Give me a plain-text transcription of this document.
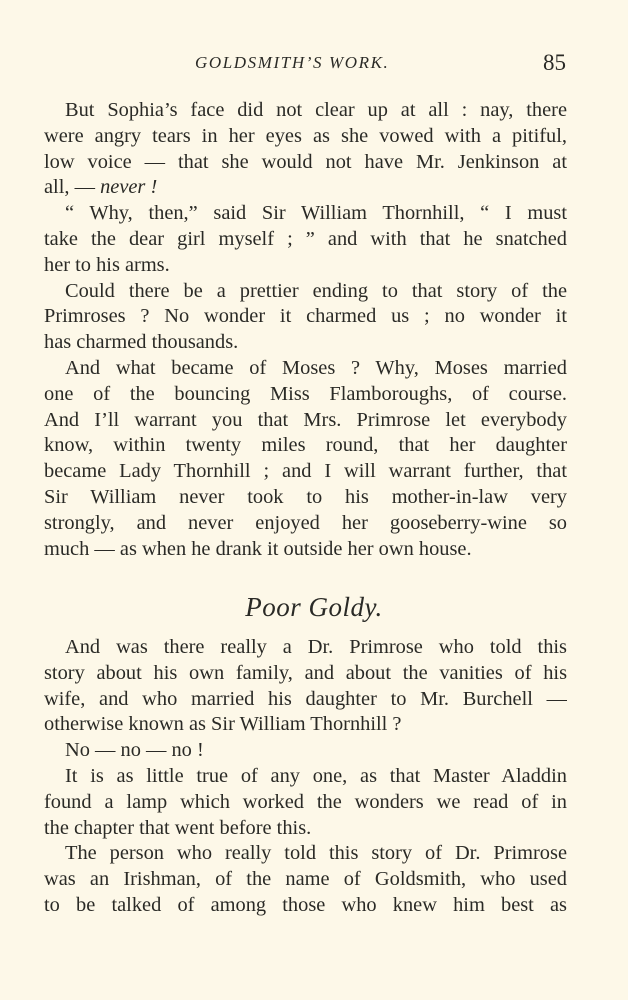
GOLDSMITH’S WORK.	85
But Sophia’s face did not clear up at all : nay, there
were angry tears in her eyes as she vowed with a pitiful,
low voice — that she would not have Mr. Jenkinson at
all, — never !
“ Why, then,” said Sir William Thornhill, “ I must
take the dear girl myself ; ” and with that he snatched
her to his arms.
Could there be a prettier ending to that story of the
Primroses ? No wonder it charmed us ; no wonder it
has charmed thousands.
And what became of Moses ? Why, Moses married
one of the bouncing Miss Flamboroughs, of course.
And I’ll warrant you that Mrs. Primrose let everybody
know, within twenty miles round, that her daughter
became Lady Thornhill ; and I will warrant further, that
Sir William never took to his mother-in-law very
strongly, and never enjoyed her gooseberry-wine so
much — as when he drank it outside her own house.
Poor Goldy.
And was there really a Dr. Primrose who told this
story about his own family, and about the vanities of his
wife, and who married his daughter to Mr. Burchell —
otherwise known as Sir William Thornhill ?
No — no — no !
It is as little true of any one, as that Master Aladdin
found a lamp which worked the wonders we read of in
the chapter that went before this.
The person who really told this story of Dr. Primrose
was an Irishman, of the name of Goldsmith, who used
to be talked of among those who knew him best as
